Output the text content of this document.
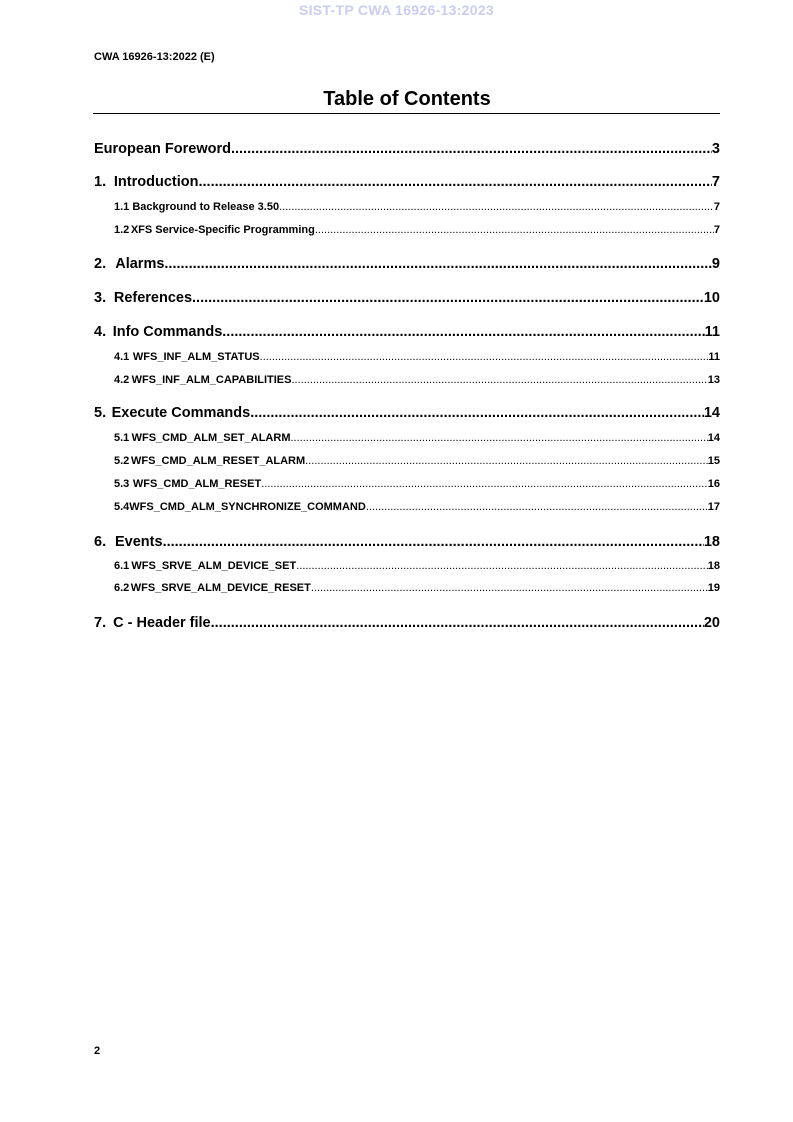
SIST-TP CWA 16926-13:2023
CWA 16926-13:2022 (E)
Table of Contents
European Foreword .....	3
1. Introduction .....	7
1.1 Background to Release 3.50 .....	7
1.2 XFS Service-Specific Programming .....	7
2. Alarms .....	9
3. References .....	10
4. Info Commands .....	11
4.1 WFS_INF_ALM_STATUS .....	11
4.2 WFS_INF_ALM_CAPABILITIES .....	13
5. Execute Commands .....	14
5.1 WFS_CMD_ALM_SET_ALARM .....	14
5.2 WFS_CMD_ALM_RESET_ALARM .....	15
5.3 WFS_CMD_ALM_RESET .....	16
5.4 WFS_CMD_ALM_SYNCHRONIZE_COMMAND .....	17
6. Events .....	18
6.1 WFS_SRVE_ALM_DEVICE_SET .....	18
6.2 WFS_SRVE_ALM_DEVICE_RESET .....	19
7. C - Header file .....	20
2
